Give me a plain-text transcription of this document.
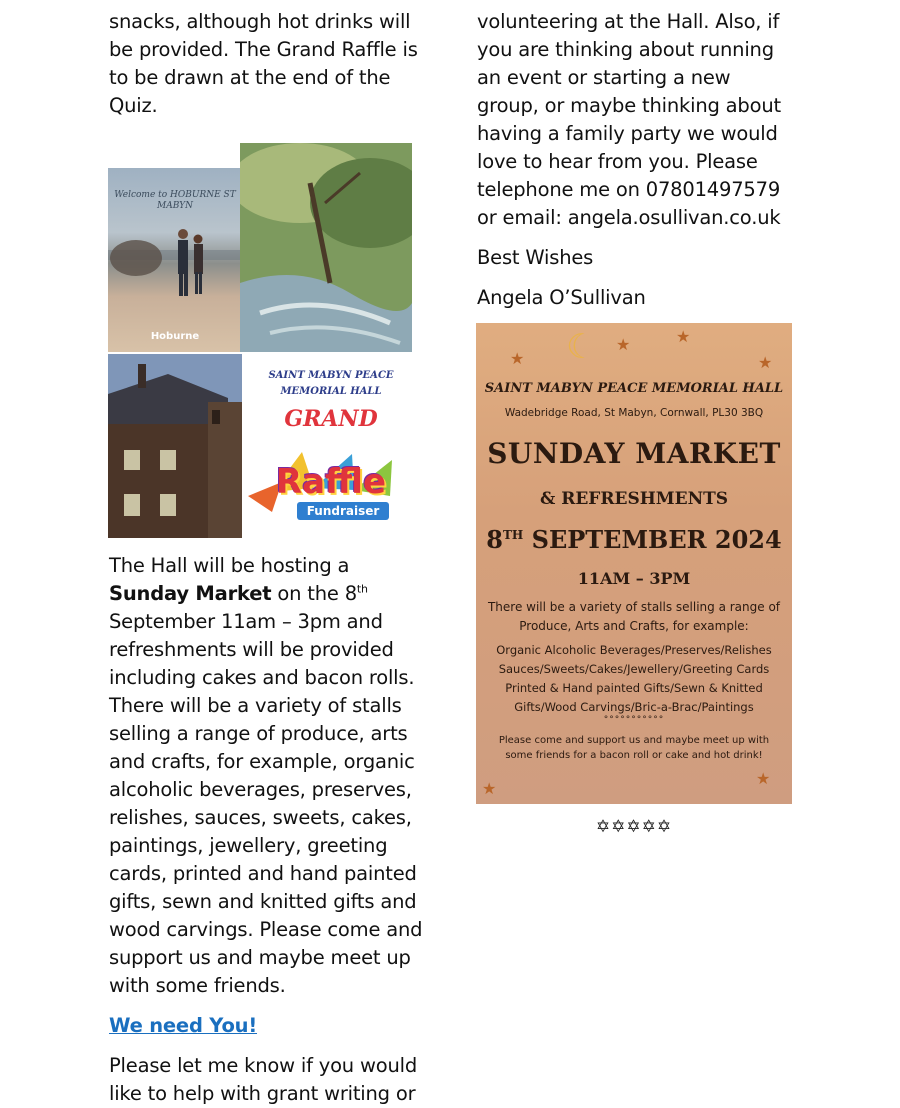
snacks, although hot drinks will be provided. The Grand Raffle is to be drawn at the end of the Quiz.

The Hall will be hosting a Sunday Market on the 8th September 11am – 3pm and refreshments will be provided including cakes and bacon rolls. There will be a variety of stalls selling a range of produce, arts and crafts, for example, organic alcoholic beverages, preserves, relishes, sauces, sweets, cakes, paintings, jewellery, greeting cards, printed and hand painted gifts, sewn and knitted gifts and wood carvings. Please come and support us and maybe meet up with some friends.

We need You!

Please let me know if you would like to help with grant writing or

Welcome to HOBURNE ST MABYN
Hoburne
SAINT MABYN PEACE MEMORIAL HALL
GRAND
Raffle
Fundraiser

volunteering at the Hall. Also, if you are thinking about running an event or starting a new group, or maybe thinking about having a family party we would love to hear from you. Please telephone me on 07801497579 or email: angela.osullivan.co.uk

Best Wishes

Angela O’Sullivan

★
★	★
★
☾
SAINT MABYN PEACE MEMORIAL HALL
Wadebridge Road, St Mabyn, Cornwall, PL30 3BQ
SUNDAY MARKET
& REFRESHMENTS
8TH SEPTEMBER 2024
11AM – 3PM
There will be a variety of stalls selling a range of Produce, Arts and Crafts, for example:
Organic Alcoholic Beverages/Preserves/Relishes Sauces/Sweets/Cakes/Jewellery/Greeting Cards Printed & Hand painted Gifts/Sewn & Knitted Gifts/Wood Carvings/Bric-a-Brac/Paintings
°°°°°°°°°°°
Please come and support us and maybe meet up with some friends for a bacon roll or cake and hot drink!
★
★
✡✡✡✡✡
